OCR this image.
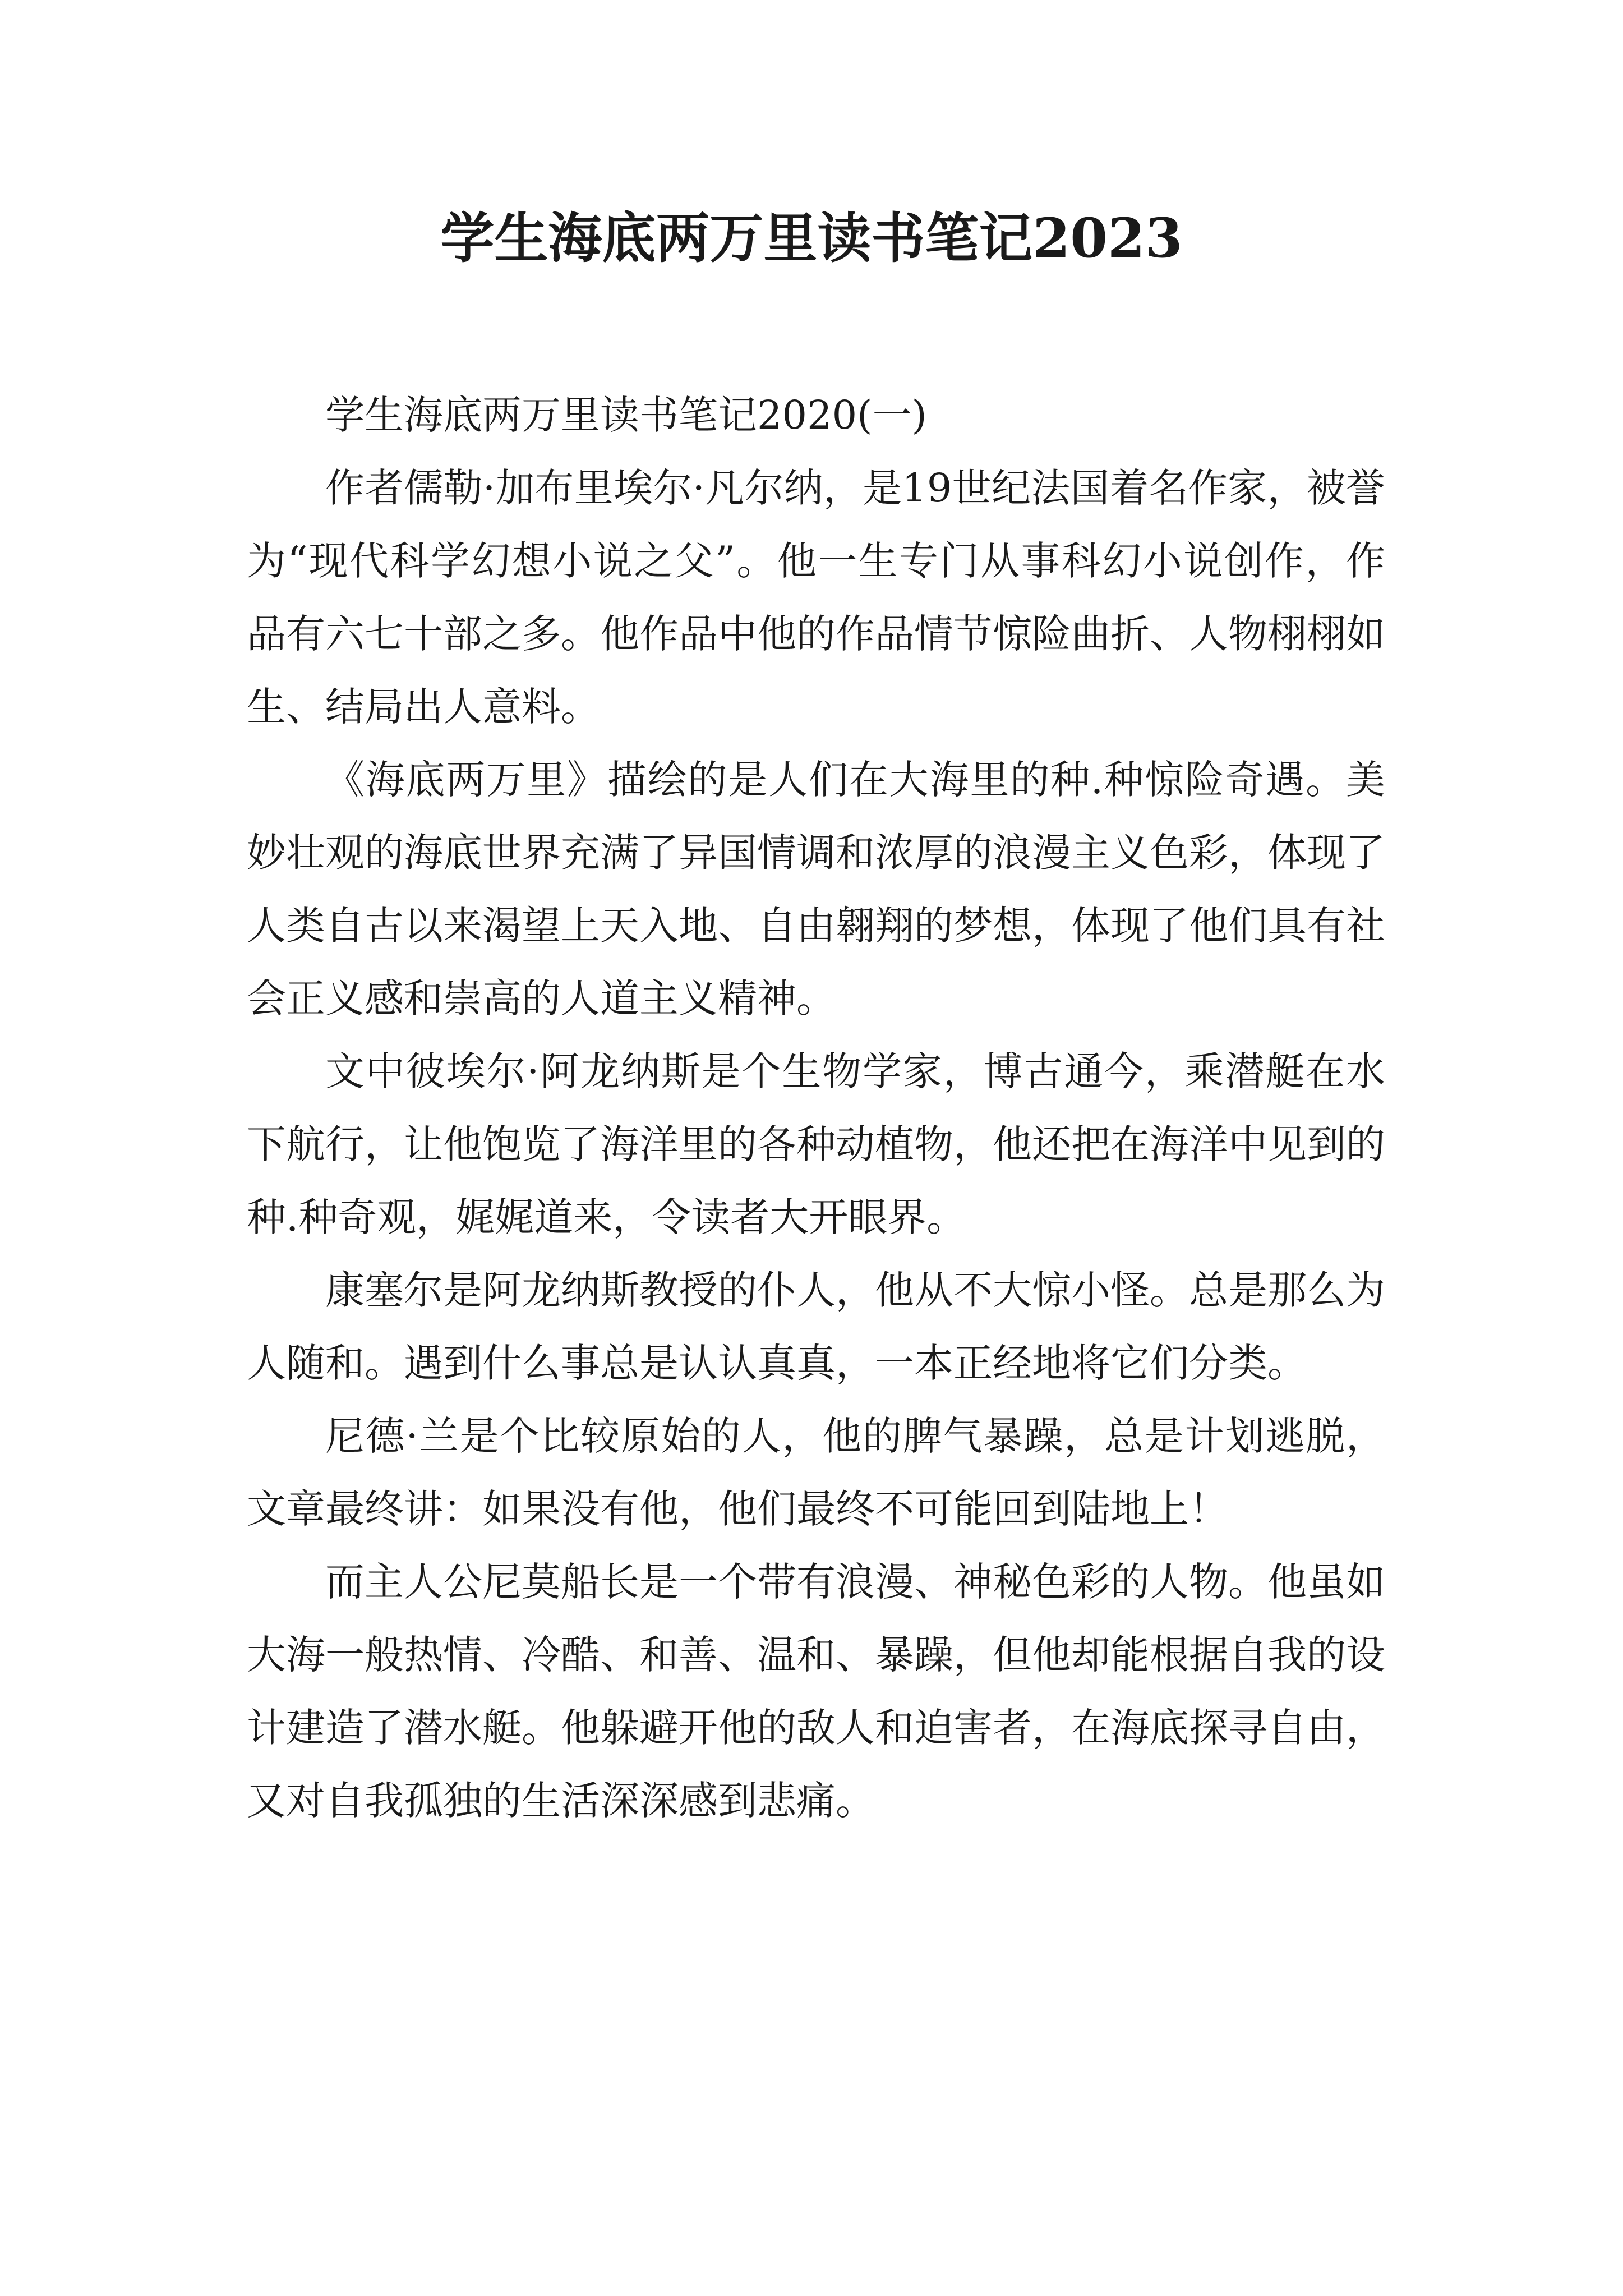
学生海底两万里读书笔记2023

学生海底两万里读书笔记2020(一)

作者儒勒·加布里埃尔·凡尔纳，是19世纪法国着名作家，被誉为“现代科学幻想小说之父”。他一生专门从事科幻小说创作，作品有六七十部之多。他作品中他的作品情节惊险曲折、人物栩栩如生、结局出人意料。

《海底两万里》描绘的是人们在大海里的种.种惊险奇遇。美妙壮观的海底世界充满了异国情调和浓厚的浪漫主义色彩，体现了人类自古以来渴望上天入地、自由翱翔的梦想，体现了他们具有社会正义感和崇高的人道主义精神。

文中彼埃尔·阿龙纳斯是个生物学家，博古通今，乘潜艇在水下航行，让他饱览了海洋里的各种动植物，他还把在海洋中见到的种.种奇观，娓娓道来，令读者大开眼界。

康塞尔是阿龙纳斯教授的仆人，他从不大惊小怪。总是那么为人随和。遇到什么事总是认认真真，一本正经地将它们分类。

尼德·兰是个比较原始的人，他的脾气暴躁，总是计划逃脱，文章最终讲：如果没有他，他们最终不可能回到陆地上！

而主人公尼莫船长是一个带有浪漫、神秘色彩的人物。他虽如大海一般热情、冷酷、和善、温和、暴躁，但他却能根据自我的设计建造了潜水艇。他躲避开他的敌人和迫害者，在海底探寻自由，又对自我孤独的生活深深感到悲痛。
